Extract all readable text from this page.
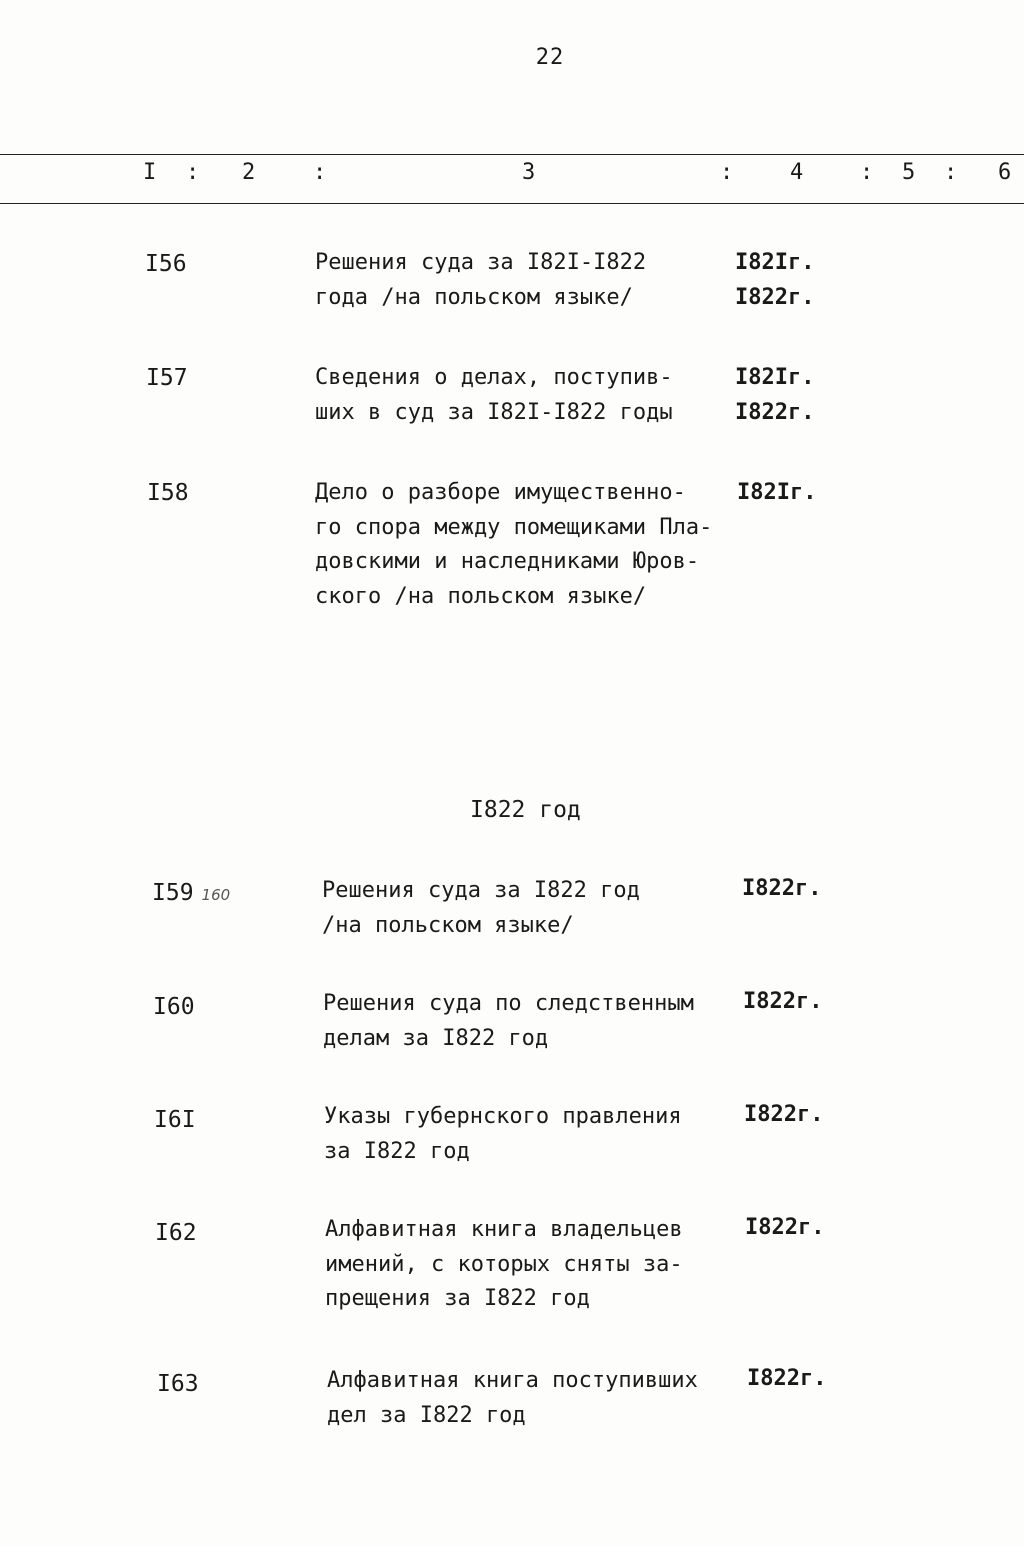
22
I : 2	:	3	:	4	: 5 : 6
I56	Решения суда за I82I-I822
года /на польском языке/
I82Iг.
I822г.
I57	Сведения о делах, поступив-
ших в суд за I82I-I822 годы
I82Iг.
I822г.
I58	Дело о разборе имущественно-
го спора между помещиками Пла-
довскими и наследниками Юров-
ского /на польском языке/
I82Iг.
I822 год
I59 160	Решения суда за I822 год
/на польском языке/
I822г.
I60	Решения суда по следственным
делам за I822 год
I822г.
I6I	Указы губернского правления
за I822 год
I822г.
I62	Алфавитная книга владельцев
имений, с которых сняты за-
прещения за I822 год
I822г.
I63	Алфавитная книга поступивших
дел за I822 год
I822г.
